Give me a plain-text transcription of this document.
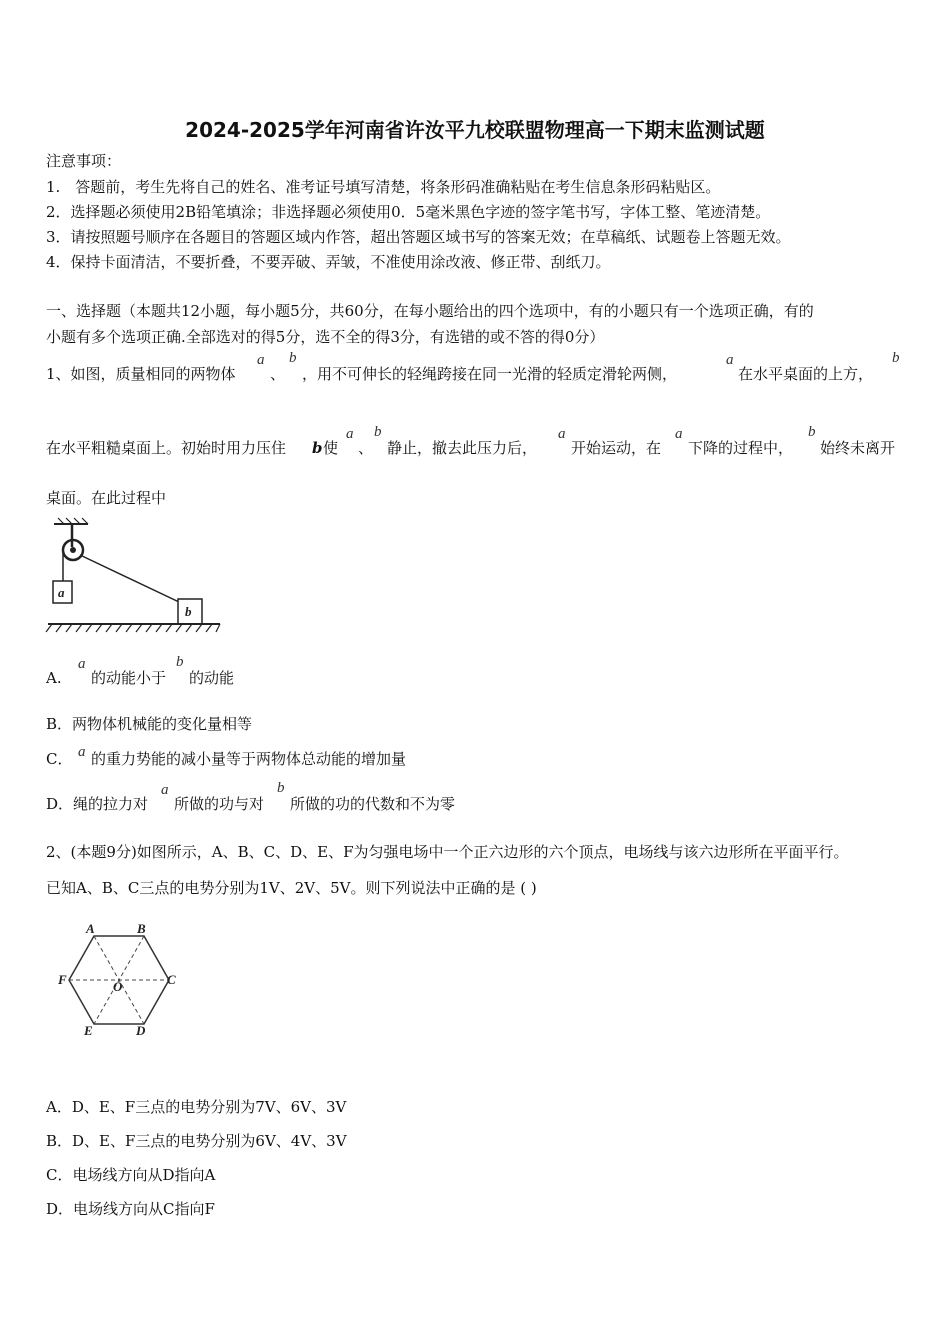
2024-2025学年河南省许汝平九校联盟物理高一下期末监测试题
注意事项：
1.　答题前，考生先将自己的姓名、准考证号填写清楚，将条形码准确粘贴在考生信息条形码粘贴区。
2．选择题必须使用2B铅笔填涂；非选择题必须使用0．5毫米黑色字迹的签字笔书写，字体工整、笔迹清楚。
3．请按照题号顺序在各题目的答题区域内作答，超出答题区域书写的答案无效；在草稿纸、试题卷上答题无效。
4．保持卡面清洁，不要折叠，不要弄破、弄皱，不准使用涂改液、修正带、刮纸刀。
一、选择题（本题共12小题，每小题5分，共60分，在每小题给出的四个选项中，有的小题只有一个选项正确，有的
小题有多个选项正确.全部选对的得5分，选不全的得3分，有选错的或不答的得0分）
1、如图，质量相同的两物体
a
、
b
，用不可伸长的轻绳跨接在同一光滑的轻质定滑轮两侧，
a
在水平桌面的上方，
b
在水平粗糙桌面上。初始时用力压住 b 使
a
、
b
静止，撤去此压力后，
a
开始运动，在
a
下降的过程中，
b
始终未离开
桌面。在此过程中
a
b
A.
a
的动能小于
b
的动能
B．两物体机械能的变化量相等
C． a 的重力势能的减小量等于两物体总动能的增加量
D．绳的拉力对
a
所做的功与对
b
所做的功的代数和不为零
2、(本题9分)如图所示，A、B、C、D、E、F为匀强电场中一个正六边形的六个顶点，电场线与该六边形所在平面平行。
已知A、B、C三点的电势分别为1V、2V、5V。则下列说法中正确的是 ( )
A	B
C
D
E
F	O
A．D、E、F三点的电势分别为7V、6V、3V
B．D、E、F三点的电势分别为6V、4V、3V
C．电场线方向从D指向A
D．电场线方向从C指向F
